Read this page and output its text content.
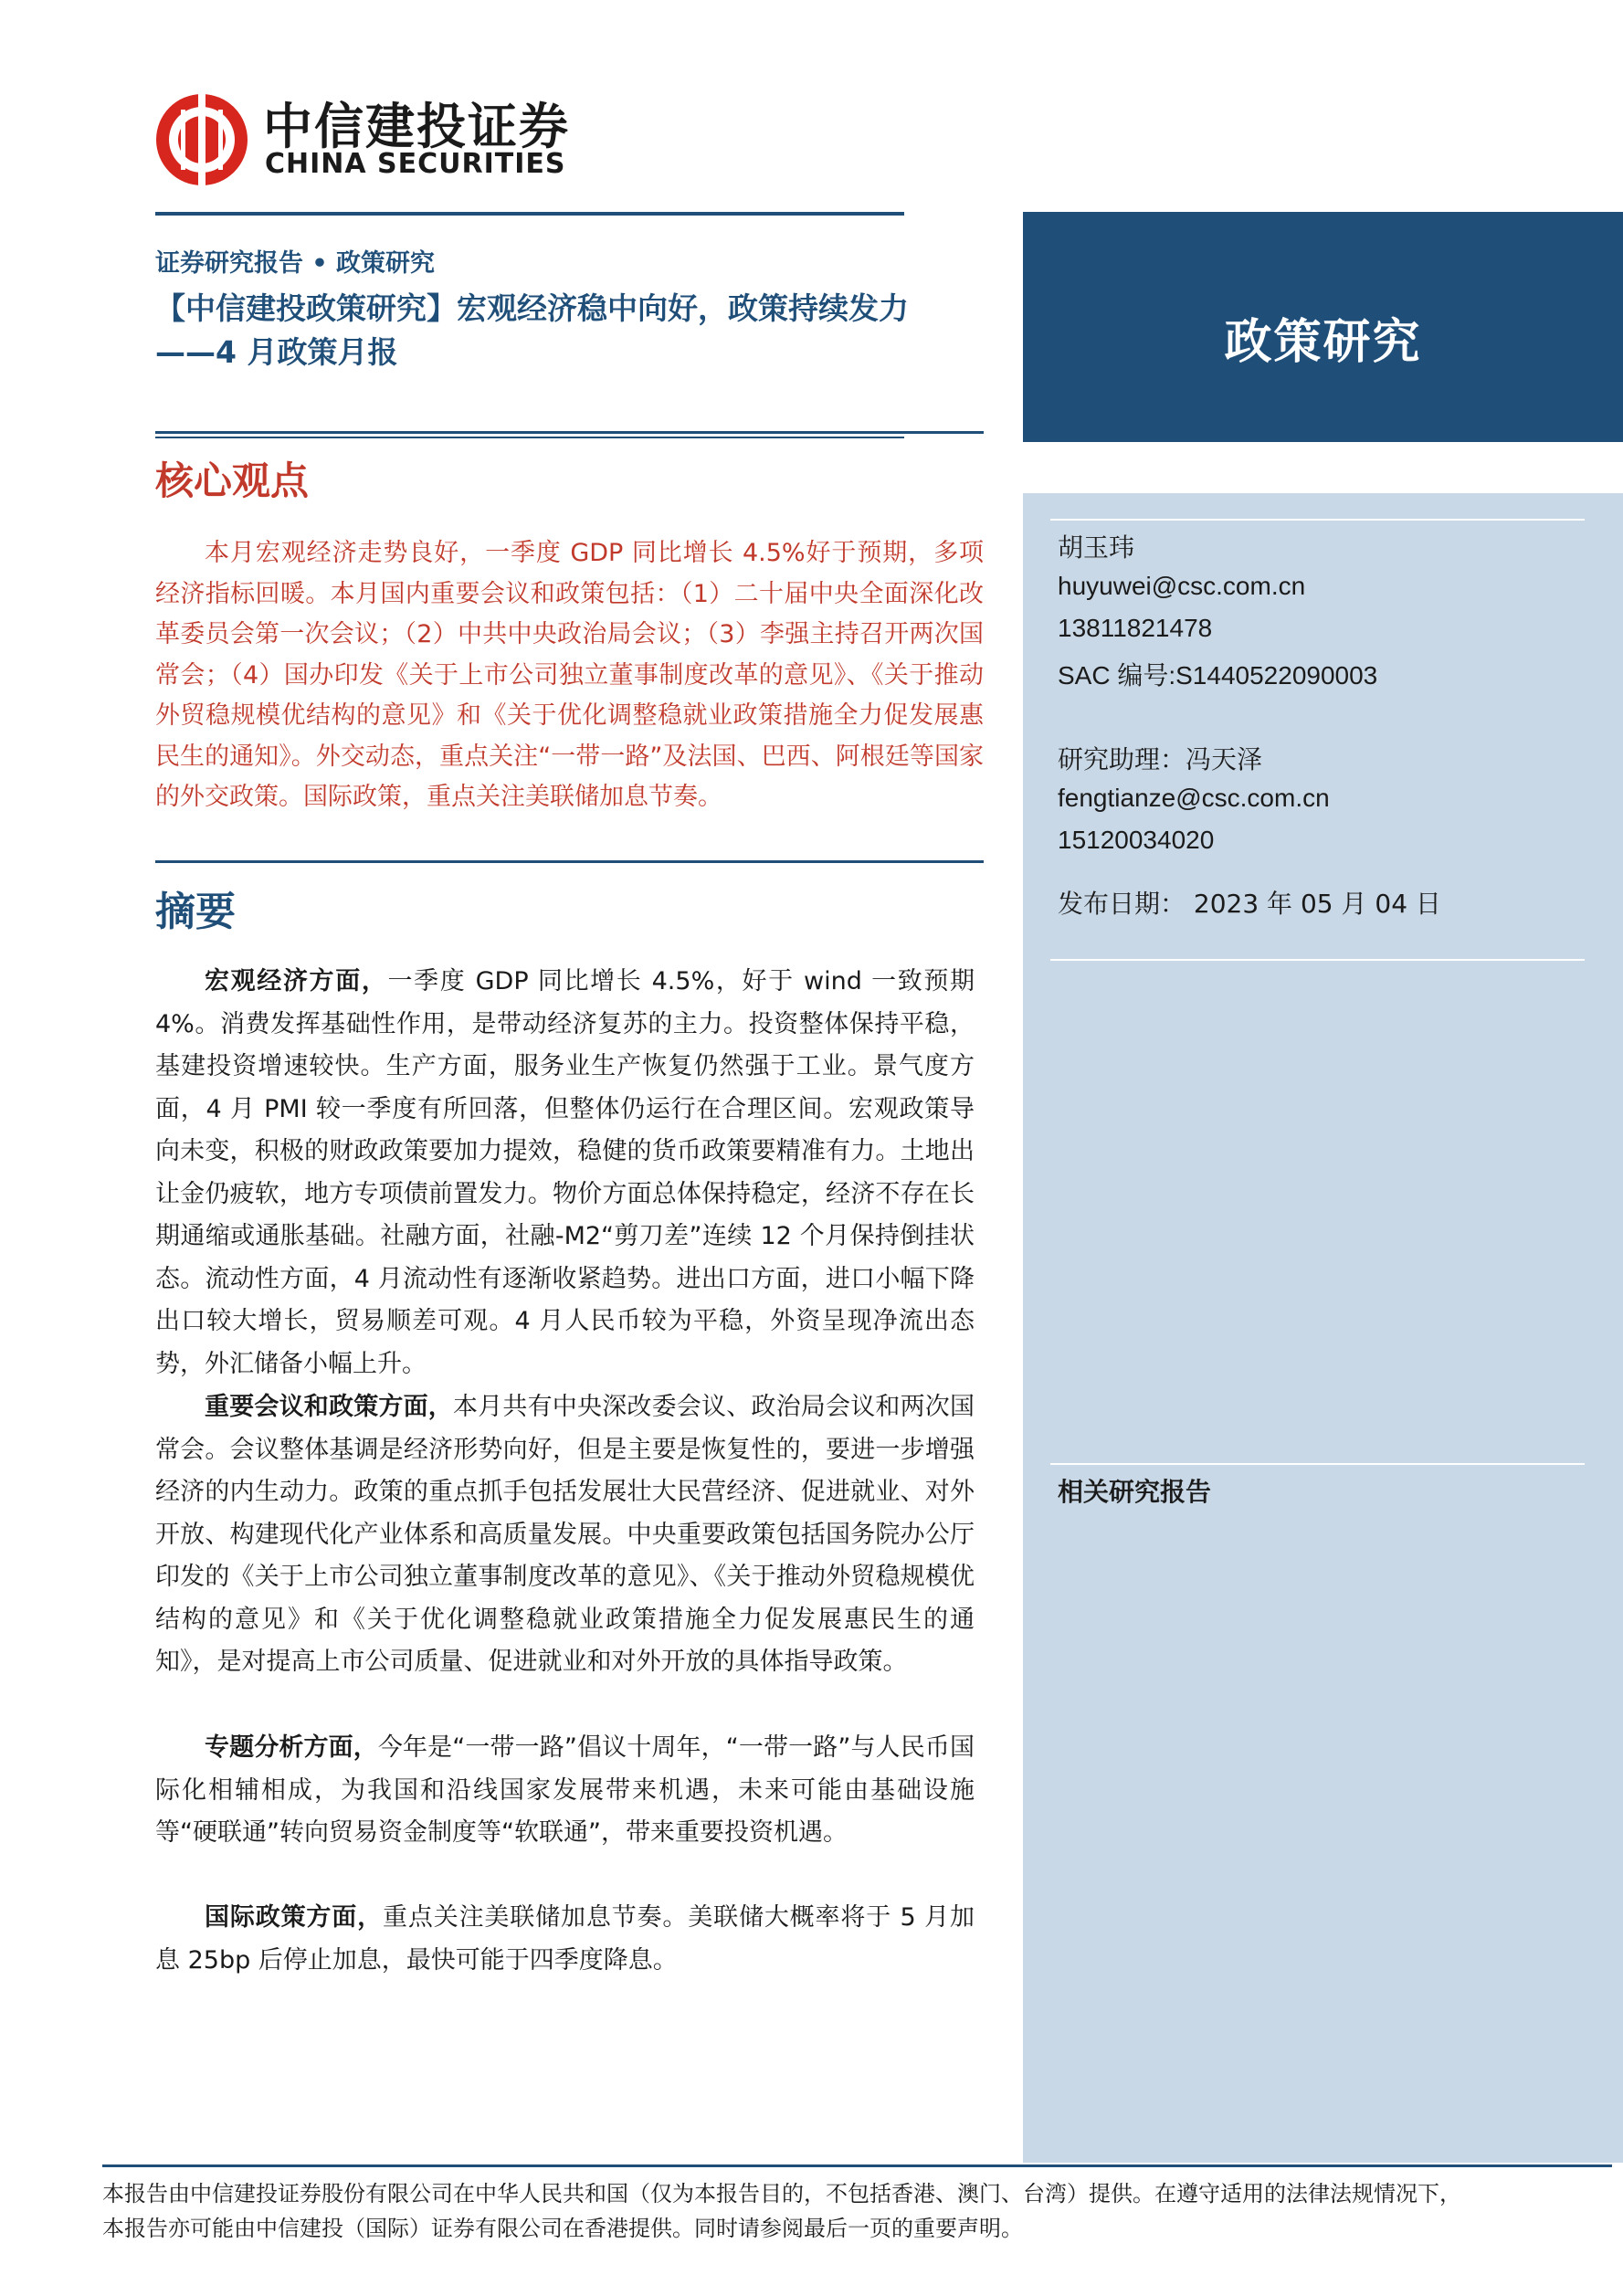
中信建投证券
CHINA SECURITIES
证券研究报告 • 政策研究
【中信建投政策研究】宏观经济稳中向好，政策持续发力
——4 月政策月报	政策研究
胡玉玮
huyuwei@csc.com.cn
13811821478
SAC 编号:S1440522090003
研究助理：冯天泽
fengtianze@csc.com.cn
15120034020
发布日期： 2023 年 05 月 04 日
相关研究报告
核心观点

本月宏观经济走势良好，一季度 GDP 同比增长 4.5%好于预期，多项经济指标回暖。本月国内重要会议和政策包括：（1）二十届中央全面深化改革委员会第一次会议；（2）中共中央政治局会议；（3）李强主持召开两次国常会；（4）国办印发《关于上市公司独立董事制度改革的意见》、《关于推动外贸稳规模优结构的意见》和《关于优化调整稳就业政策措施全力促发展惠民生的通知》。外交动态，重点关注“一带一路”及法国、巴西、阿根廷等国家的外交政策。国际政策，重点关注美联储加息节奏。

摘要

宏观经济方面，一季度 GDP 同比增长 4.5%，好于 wind 一致预期 4%。消费发挥基础性作用，是带动经济复苏的主力。投资整体保持平稳，基建投资增速较快。生产方面，服务业生产恢复仍然强于工业。景气度方面，4 月 PMI 较一季度有所回落，但整体仍运行在合理区间。宏观政策导向未变，积极的财政政策要加力提效，稳健的货币政策要精准有力。土地出让金仍疲软，地方专项债前置发力。物价方面总体保持稳定，经济不存在长期通缩或通胀基础。社融方面，社融-M2“剪刀差”连续 12 个月保持倒挂状态。流动性方面，4 月流动性有逐渐收紧趋势。进出口方面，进口小幅下降出口较大增长，贸易顺差可观。4 月人民币较为平稳，外资呈现净流出态势，外汇储备小幅上升。

重要会议和政策方面，本月共有中央深改委会议、政治局会议和两次国常会。会议整体基调是经济形势向好，但是主要是恢复性的，要进一步增强经济的内生动力。政策的重点抓手包括发展壮大民营经济、促进就业、对外开放、构建现代化产业体系和高质量发展。中央重要政策包括国务院办公厅印发的《关于上市公司独立董事制度改革的意见》、《关于推动外贸稳规模优结构的意见》和《关于优化调整稳就业政策措施全力促发展惠民生的通知》，是对提高上市公司质量、促进就业和对外开放的具体指导政策。

专题分析方面，今年是“一带一路”倡议十周年，“一带一路”与人民币国际化相辅相成，为我国和沿线国家发展带来机遇，未来可能由基础设施等“硬联通”转向贸易资金制度等“软联通”，带来重要投资机遇。

国际政策方面，重点关注美联储加息节奏。美联储大概率将于 5 月加息 25bp 后停止加息，最快可能于四季度降息。

本报告由中信建投证券股份有限公司在中华人民共和国（仅为本报告目的，不包括香港、澳门、台湾）提供。在遵守适用的法律法规情况下，
本报告亦可能由中信建投（国际）证券有限公司在香港提供。同时请参阅最后一页的重要声明。
